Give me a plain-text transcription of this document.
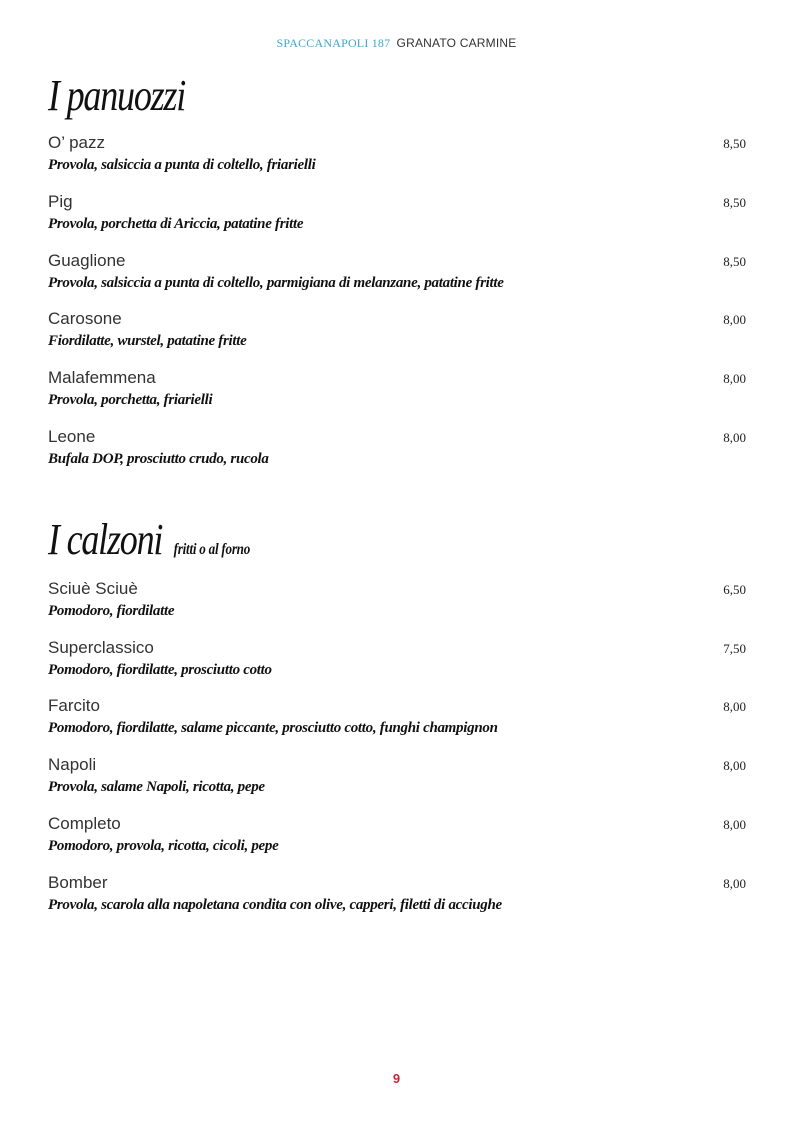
SPACCANAPOLI 187 GRANATO CARMINE
I panuozzi
O’ pazz
Provola, salsiccia a punta di coltello, friarielli
8,50
Pig
Provola, porchetta di Ariccia, patatine fritte
8,50
Guaglione
Provola, salsiccia a punta di coltello, parmigiana di melanzane, patatine fritte
8,50
Carosone
Fiordilatte, wurstel, patatine fritte
8,00
Malafemmena
Provola, porchetta, friarielli
8,00
Leone
Bufala DOP, prosciutto crudo, rucola
8,00
I calzoni fritti o al forno
Sciuè Sciuè
Pomodoro, fiordilatte
6,50
Superclassico
Pomodoro, fiordilatte, prosciutto cotto
7,50
Farcito
Pomodoro, fiordilatte, salame piccante, prosciutto cotto, funghi champignon
8,00
Napoli
Provola, salame Napoli, ricotta, pepe
8,00
Completo
Pomodoro, provola, ricotta, cicoli, pepe
8,00
Bomber
Provola, scarola alla napoletana condita con olive, capperi, filetti di acciughe
8,00
9
